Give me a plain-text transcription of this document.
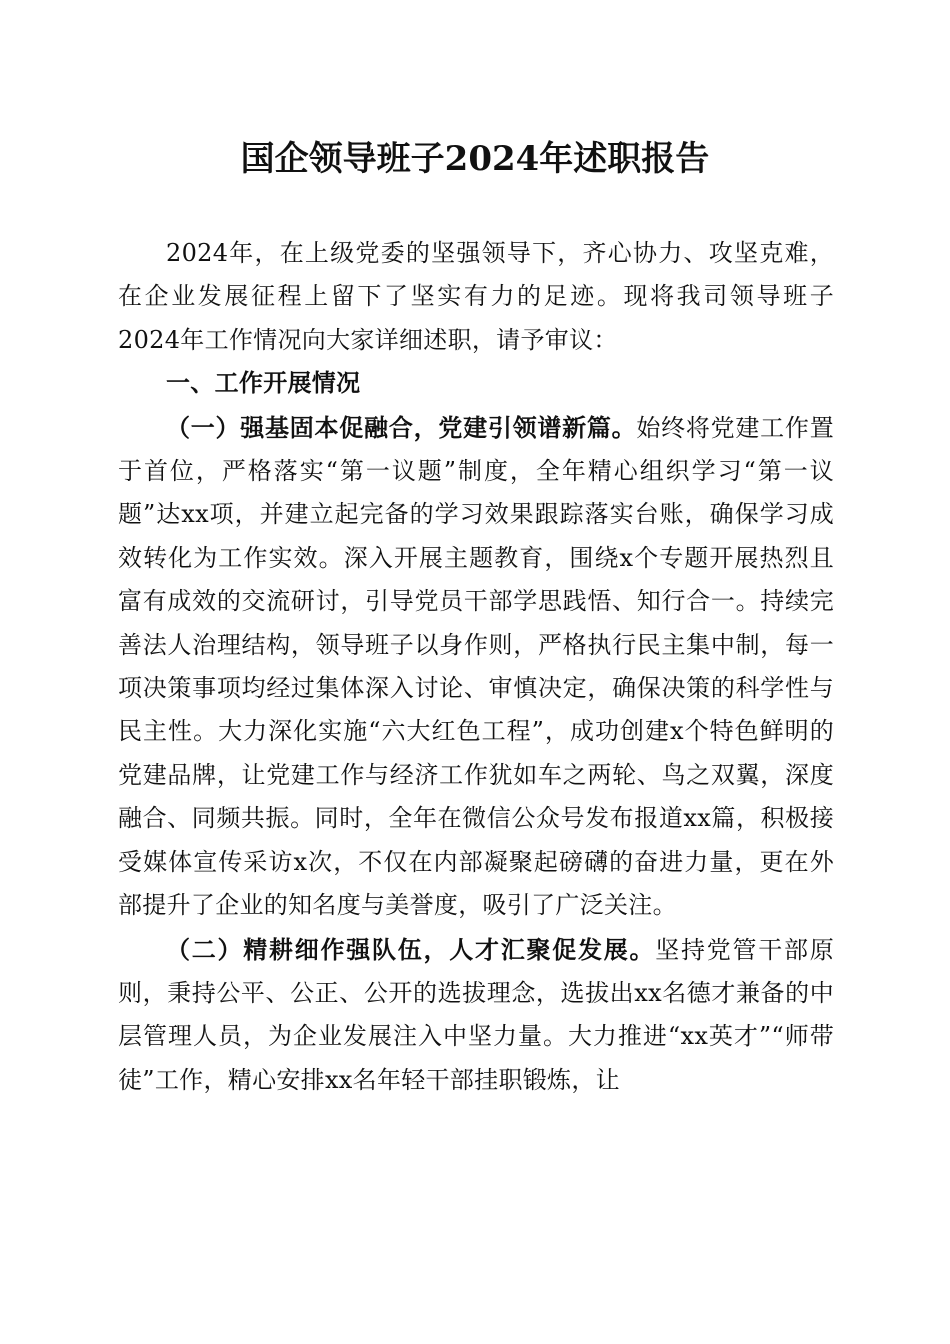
国企领导班子2024年述职报告

2024年，在上级党委的坚强领导下，齐心协力、攻坚克难，在企业发展征程上留下了坚实有力的足迹。现将我司领导班子2024年工作情况向大家详细述职，请予审议：

一、工作开展情况

（一）强基固本促融合，党建引领谱新篇。始终将党建工作置于首位，严格落实“第一议题”制度，全年精心组织学习“第一议题”达xx项，并建立起完备的学习效果跟踪落实台账，确保学习成效转化为工作实效。深入开展主题教育，围绕x个专题开展热烈且富有成效的交流研讨，引导党员干部学思践悟、知行合一。持续完善法人治理结构，领导班子以身作则，严格执行民主集中制，每一项决策事项均经过集体深入讨论、审慎决定，确保决策的科学性与民主性。大力深化实施“六大红色工程”，成功创建x个特色鲜明的党建品牌，让党建工作与经济工作犹如车之两轮、鸟之双翼，深度融合、同频共振。同时，全年在微信公众号发布报道xx篇，积极接受媒体宣传采访x次，不仅在内部凝聚起磅礴的奋进力量，更在外部提升了企业的知名度与美誉度，吸引了广泛关注。

（二）精耕细作强队伍，人才汇聚促发展。坚持党管干部原则，秉持公平、公正、公开的选拔理念，选拔出xx名德才兼备的中层管理人员，为企业发展注入中坚力量。大力推进“xx英才”“师带徒”工作，精心安排xx名年轻干部挂职锻炼，让
